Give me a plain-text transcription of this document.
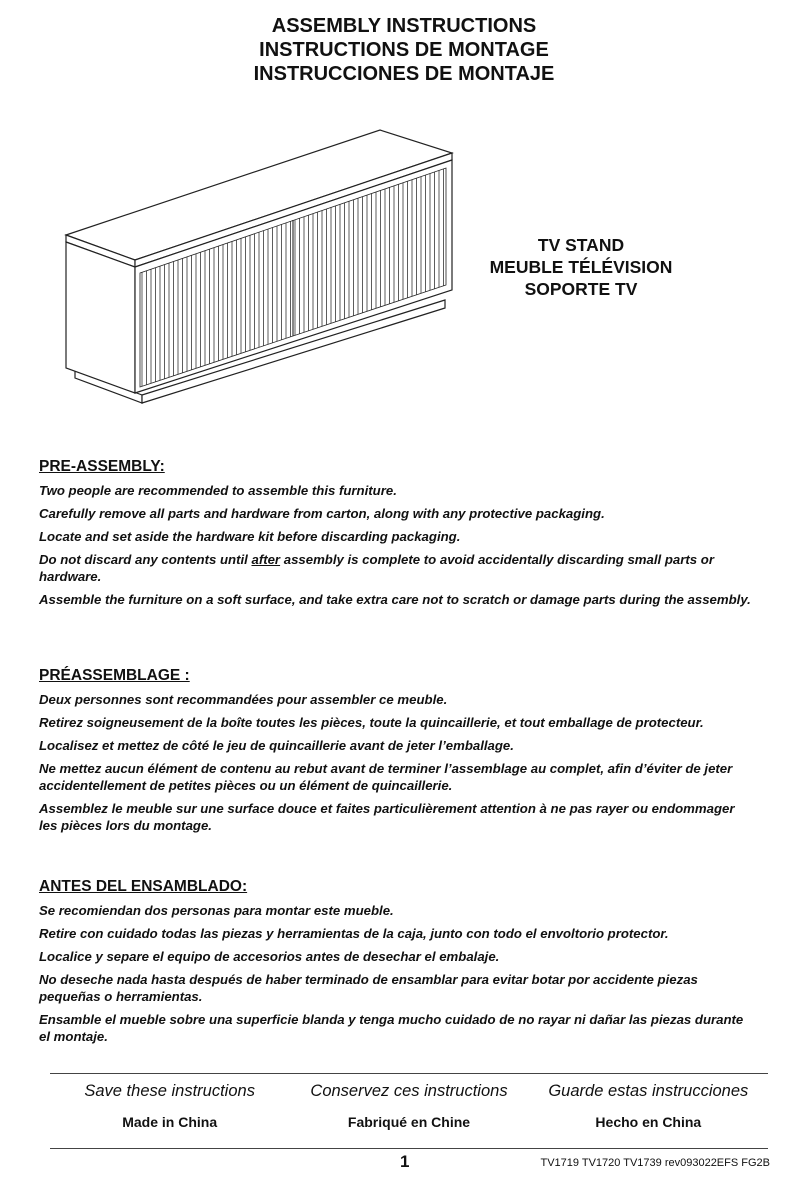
ASSEMBLY INSTRUCTIONS
INSTRUCTIONS DE MONTAGE
INSTRUCCIONES DE MONTAJE
TV STAND
MEUBLE TÉLÉVISION
SOPORTE TV
PRE-ASSEMBLY:

Two people are recommended to assemble this furniture.

Carefully remove all parts and hardware from carton, along with any protective packaging.

Locate and set aside the hardware kit before discarding packaging.

Do not discard any contents until after assembly is complete to avoid accidentally discarding small parts or hardware.

Assemble the furniture on a soft surface, and take extra care not to scratch or damage parts during the assembly.

PRÉASSEMBLAGE :

Deux personnes sont recommandées pour assembler ce meuble.

Retirez soigneusement de la boîte toutes les pièces, toute la quincaillerie, et tout emballage de protecteur.

Localisez et mettez de côté le jeu de quincaillerie avant de jeter l’emballage.

Ne mettez aucun élément de contenu au rebut avant de terminer l’assemblage au complet, afin d’éviter de jeter accidentellement de petites pièces ou un élément de quincaillerie.

Assemblez le meuble sur une surface douce et faites particulièrement attention à ne pas rayer ou endommager les pièces lors du montage.

ANTES DEL ENSAMBLADO:

Se recomiendan dos personas para montar este mueble.

Retire con cuidado todas las piezas y herramientas de la caja, junto con todo el envoltorio protector.

Localice y separe el equipo de accesorios antes de desechar el embalaje.

No deseche nada hasta después de haber terminado de ensamblar para evitar botar por accidente piezas pequeñas o herramientas.

Ensamble el mueble sobre una superficie blanda y tenga mucho cuidado de no rayar ni dañar las piezas durante el montaje.

Save these instructions	Conservez ces instructions	Guarde estas instrucciones
Made in China	Fabriqué en Chine	Hecho en China
1	TV1719 TV1720 TV1739 rev093022EFS FG2B
